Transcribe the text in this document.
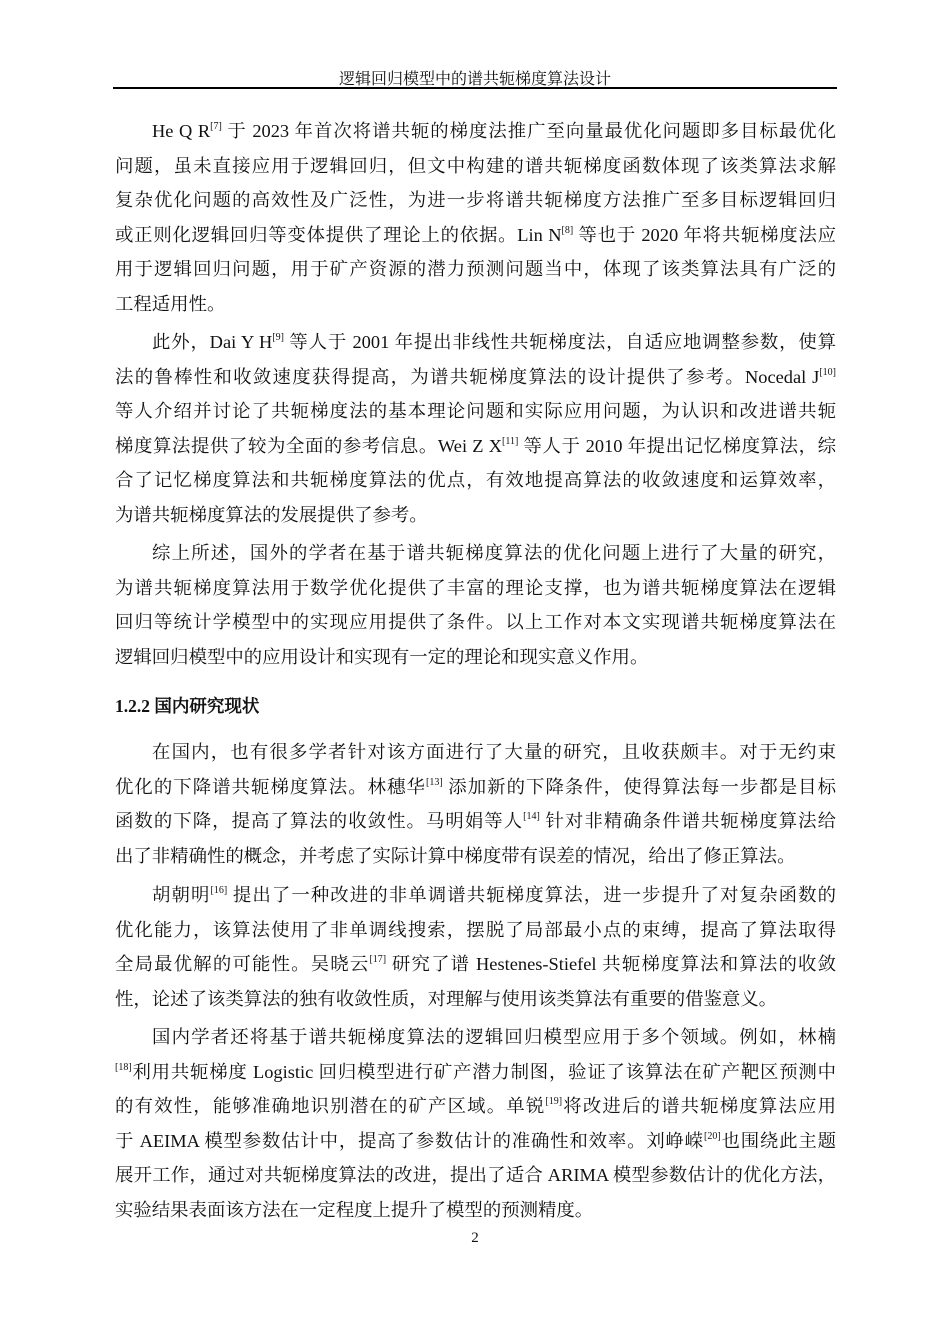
逻辑回归模型中的谱共轭梯度算法设计
He Q R[7] 于 2023 年首次将谱共轭的梯度法推广至向量最优化问题即多目标最优化
问题，虽未直接应用于逻辑回归，但文中构建的谱共轭梯度函数体现了该类算法求解
复杂优化问题的高效性及广泛性，为进一步将谱共轭梯度方法推广至多目标逻辑回归
或正则化逻辑回归等变体提供了理论上的依据。Lin N[8] 等也于 2020 年将共轭梯度法应
用于逻辑回归问题，用于矿产资源的潜力预测问题当中，体现了该类算法具有广泛的
工程适用性。
此外，Dai Y H[9] 等人于 2001 年提出非线性共轭梯度法，自适应地调整参数，使算
法的鲁棒性和收敛速度获得提高，为谱共轭梯度算法的设计提供了参考。Nocedal J[10]
等人介绍并讨论了共轭梯度法的基本理论问题和实际应用问题，为认识和改进谱共轭
梯度算法提供了较为全面的参考信息。Wei Z X[11] 等人于 2010 年提出记忆梯度算法，综
合了记忆梯度算法和共轭梯度算法的优点，有效地提高算法的收敛速度和运算效率，
为谱共轭梯度算法的发展提供了参考。
综上所述，国外的学者在基于谱共轭梯度算法的优化问题上进行了大量的研究，
为谱共轭梯度算法用于数学优化提供了丰富的理论支撑，也为谱共轭梯度算法在逻辑
回归等统计学模型中的实现应用提供了条件。以上工作对本文实现谱共轭梯度算法在
逻辑回归模型中的应用设计和实现有一定的理论和现实意义作用。
1.2.2 国内研究现状
在国内，也有很多学者针对该方面进行了大量的研究，且收获颇丰。对于无约束
优化的下降谱共轭梯度算法。林穗华[13] 添加新的下降条件，使得算法每一步都是目标
函数的下降，提高了算法的收敛性。马明娟等人[14] 针对非精确条件谱共轭梯度算法给
出了非精确性的概念，并考虑了实际计算中梯度带有误差的情况，给出了修正算法。
胡朝明[16] 提出了一种改进的非单调谱共轭梯度算法，进一步提升了对复杂函数的
优化能力，该算法使用了非单调线搜索，摆脱了局部最小点的束缚，提高了算法取得
全局最优解的可能性。吴晓云[17] 研究了谱 Hestenes-Stiefel 共轭梯度算法和算法的收敛
性，论述了该类算法的独有收敛性质，对理解与使用该类算法有重要的借鉴意义。
国内学者还将基于谱共轭梯度算法的逻辑回归模型应用于多个领域。例如，林楠
[18]利用共轭梯度 Logistic 回归模型进行矿产潜力制图，验证了该算法在矿产靶区预测中
的有效性，能够准确地识别潜在的矿产区域。单锐[19]将改进后的谱共轭梯度算法应用
于 AEIMA 模型参数估计中，提高了参数估计的准确性和效率。刘峥嵘[20]也围绕此主题
展开工作，通过对共轭梯度算法的改进，提出了适合 ARIMA 模型参数估计的优化方法，
实验结果表面该方法在一定程度上提升了模型的预测精度。
2
